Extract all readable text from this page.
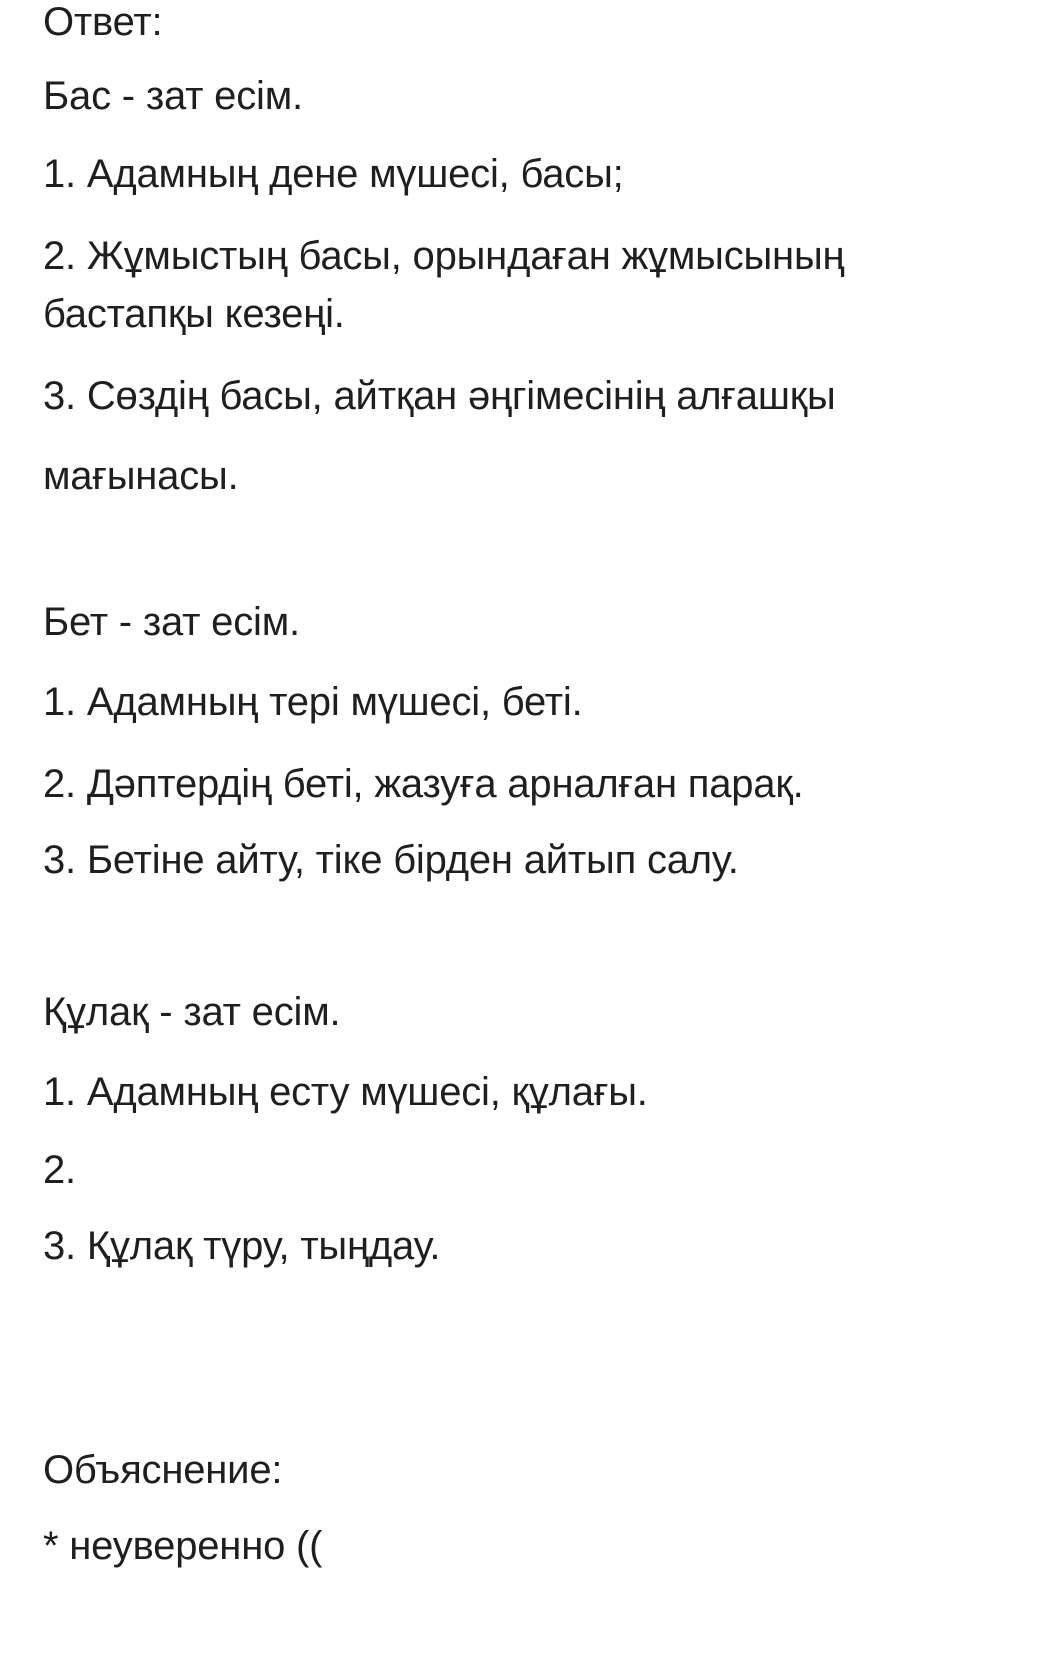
Ответ:
Бас - зат есім.
1. Адамның дене мүшесі, басы;
2. Жұмыстың басы, орындаған жұмысының
бастапқы кезеңі.
3. Сөздің басы, айтқан әңгімесінің алғашқы
мағынасы.
Бет - зат есім.
1. Адамның тері мүшесі, беті.
2. Дәптердің беті, жазуға арналған парақ.
3. Бетіне айту, тіке бірден айтып салу.
Құлақ - зат есім.
1. Адамның есту мүшесі, құлағы.
2.
3. Құлақ түру, тыңдау.
Объяснение:
* неуверенно ((
